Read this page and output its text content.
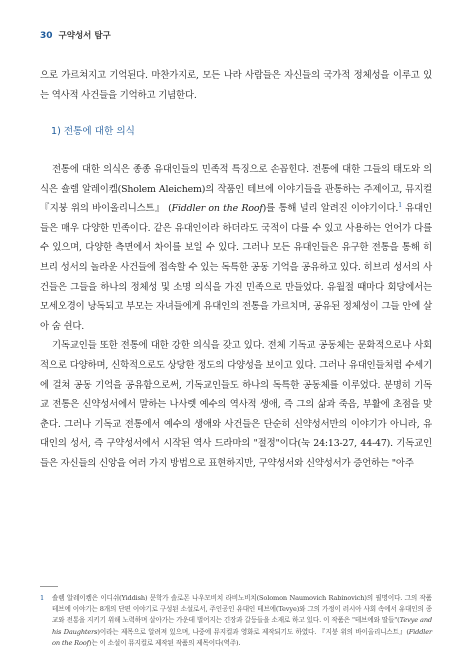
30 구약성서 탐구

으로 가르쳐지고 기억된다. 마찬가지로, 모든 나라 사람들은 자신들의 국가적 정체성을 이루고 있는 역사적 사건들을 기억하고 기념한다.

1) 전통에 대한 의식

전통에 대한 의식은 종종 유대인들의 민족적 특징으로 손꼽힌다. 전통에 대한 그들의 태도와 의식은 숄렘 알레이켐(Sholem Aleichem)의 작품인 테브에 이야기들을 관통하는 주제이고, 뮤지컬 『지붕 위의 바이올리니스트』 (Fiddler on the Roof)를 통해 널리 알려진 이야기이다.$^1$ 유대인들은 매우 다양한 민족이다. 같은 유대인이라 하더라도 국적이 다를 수 있고 사용하는 언어가 다를 수 있으며, 다양한 측면에서 차이를 보일 수 있다. 그러나 모든 유대인들은 유구한 전통을 통해 히브리 성서의 놀라운 사건들에 접속할 수 있는 독특한 공동 기억을 공유하고 있다. 히브리 성서의 사건들은 그들을 하나의 정체성 및 소명 의식을 가진 민족으로 만들었다. 유월절 때마다 회당에서는 모세오경이 낭독되고 부모는 자녀들에게 유대인의 전통을 가르치며, 공유된 정체성이 그들 안에 살아 숨 쉰다.

기독교인들 또한 전통에 대한 강한 의식을 갖고 있다. 전체 기독교 공동체는 문화적으로나 사회적으로 다양하며, 신학적으로도 상당한 정도의 다양성을 보이고 있다. 그러나 유대인들처럼 수세기에 걸쳐 공동 기억을 공유함으로써, 기독교인들도 하나의 독특한 공동체를 이루었다. 분명히 기독교 전통은 신약성서에서 말하는 나사렛 예수의 역사적 생애, 즉 그의 삶과 죽음, 부활에 초점을 맞춘다. 그러나 기독교 전통에서 예수의 생애와 사건들은 단순히 신약성서만의 이야기가 아니라, 유대인의 성서, 즉 구약성서에서 시작된 역사 드라마의 "절정"이다(눅 24:13-27, 44-47). 기독교인들은 자신들의 신앙을 여러 가지 방법으로 표현하지만, 구약성서와 신약성서가 증언하는 "아주

1 숄렘 알레이켐은 이디쉬(Yiddish) 문학가 솔로몬 나우모비치 라비노비치(Solomon Naumovich Rabinovich)의 필명이다. 그의 작품 테브에 이야기는 8개의 단편 이야기로 구성된 소설로서, 주인공인 유대인 테브에(Tevye)와 그의 가정이 러시아 사회 속에서 유대인의 종교와 전통을 지키기 위해 노력하며 살아가는 가운데 벌어지는 긴장과 갈등들을 소재로 하고 있다. 이 작품은 "테브에와 딸들"(Tevye and his Daughters)이라는 제목으로 알려져 있으며, 나중에 뮤지컬과 영화로 제작되기도 하였다. 『지붕 위의 바이올리니스트』(Fiddler on the Roof)는 이 소설이 뮤지컬로 제작된 작품의 제목이다(역주).
